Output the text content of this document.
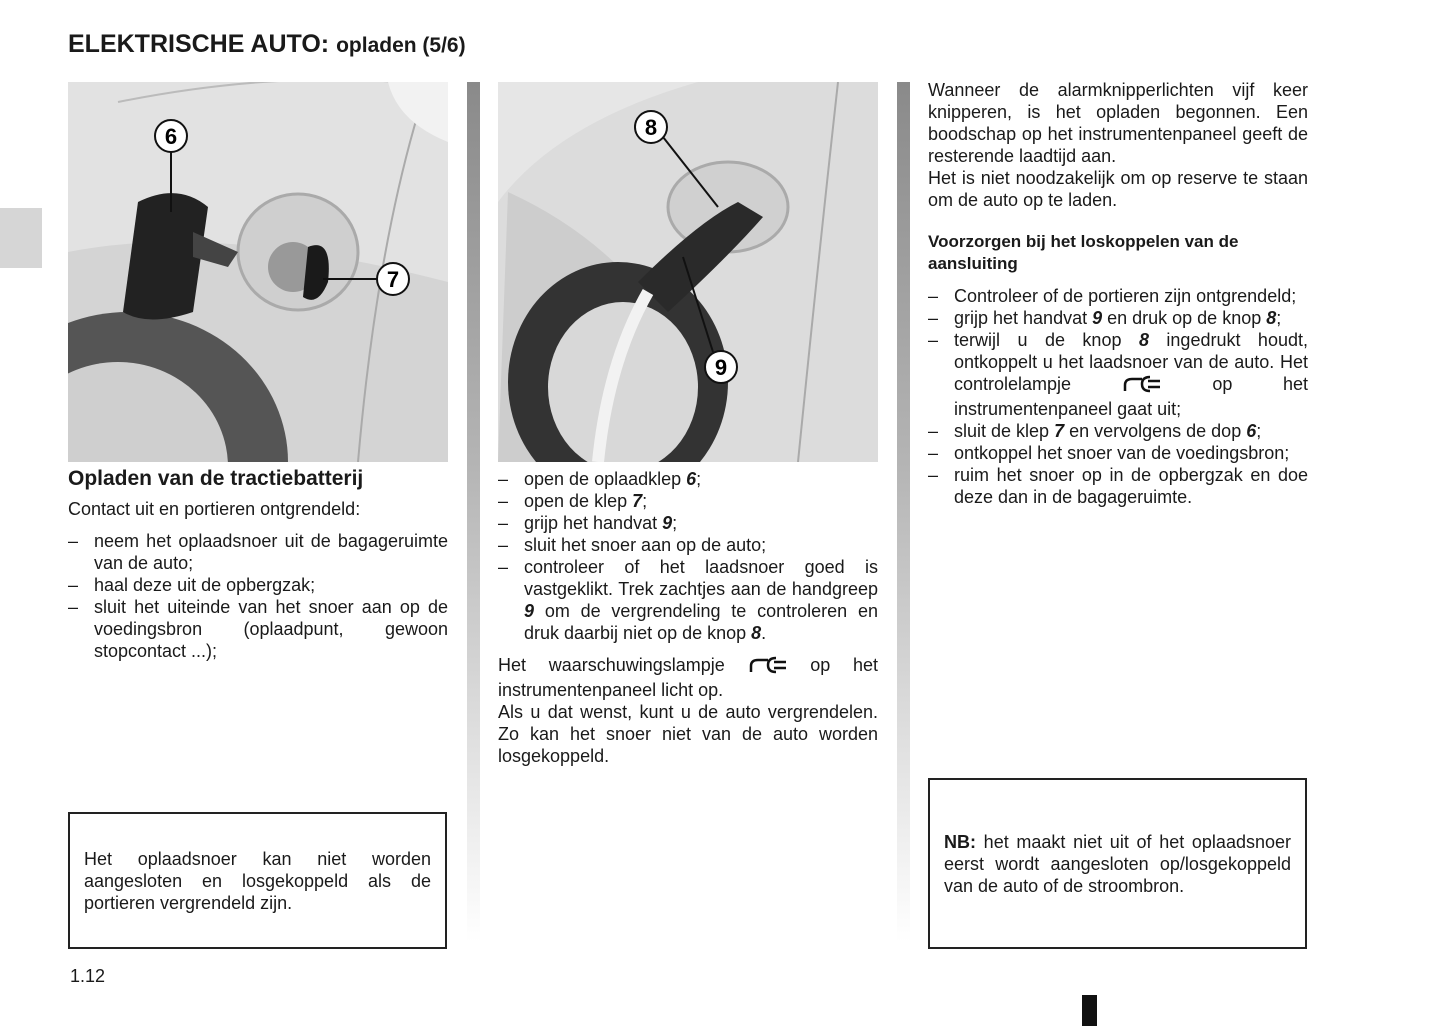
ELEKTRISCHE AUTO: opladen (5/6)
6
7
8
9
Opladen van de tractiebatterij

Contact uit en portieren ontgrendeld:

– neem het oplaadsnoer uit de bagageruimte van de auto;
– haal deze uit de opbergzak;
– sluit het uiteinde van het snoer aan op de voedingsbron (oplaadpunt, gewoon stopcontact ...);

Het oplaadsnoer kan niet worden aangesloten en losgekoppeld als de portieren vergrendeld zijn.

– open de oplaadklep 6;
– open de klep 7;
– grijp het handvat 9;
– sluit het snoer aan op de auto;
– controleer of het laadsnoer goed is vastgeklikt. Trek zachtjes aan de handgreep 9 om de vergrendeling te controleren en druk daarbij niet op de knop 8.

Het waarschuwingslampje	op het instrumentenpaneel licht op.

Als u dat wenst, kunt u de auto vergrendelen. Zo kan het snoer niet van de auto worden losgekoppeld.

Wanneer de alarmknipperlichten vijf keer knipperen, is het opladen begonnen. Een boodschap op het instrumentenpaneel geeft de resterende laadtijd aan.

Het is niet noodzakelijk om op reserve te staan om de auto op te laden.

Voorzorgen bij het loskoppelen van de aansluiting
– Controleer of de portieren zijn ontgrendeld;
– grijp het handvat 9 en druk op de knop 8;
– terwijl u de knop 8 ingedrukt houdt, ontkoppelt u het laadsnoer van de auto. Het controlelampje  op het instrumentenpaneel gaat uit;
– sluit de klep 7 en vervolgens de dop 6;
– ontkoppel het snoer van de voedingsbron;
– ruim het snoer op in de opbergzak en doe deze dan in de bagageruimte.

NB: het maakt niet uit of het oplaadsnoer eerst wordt aangesloten op/losgekoppeld van de auto of de stroombron.

1.12
